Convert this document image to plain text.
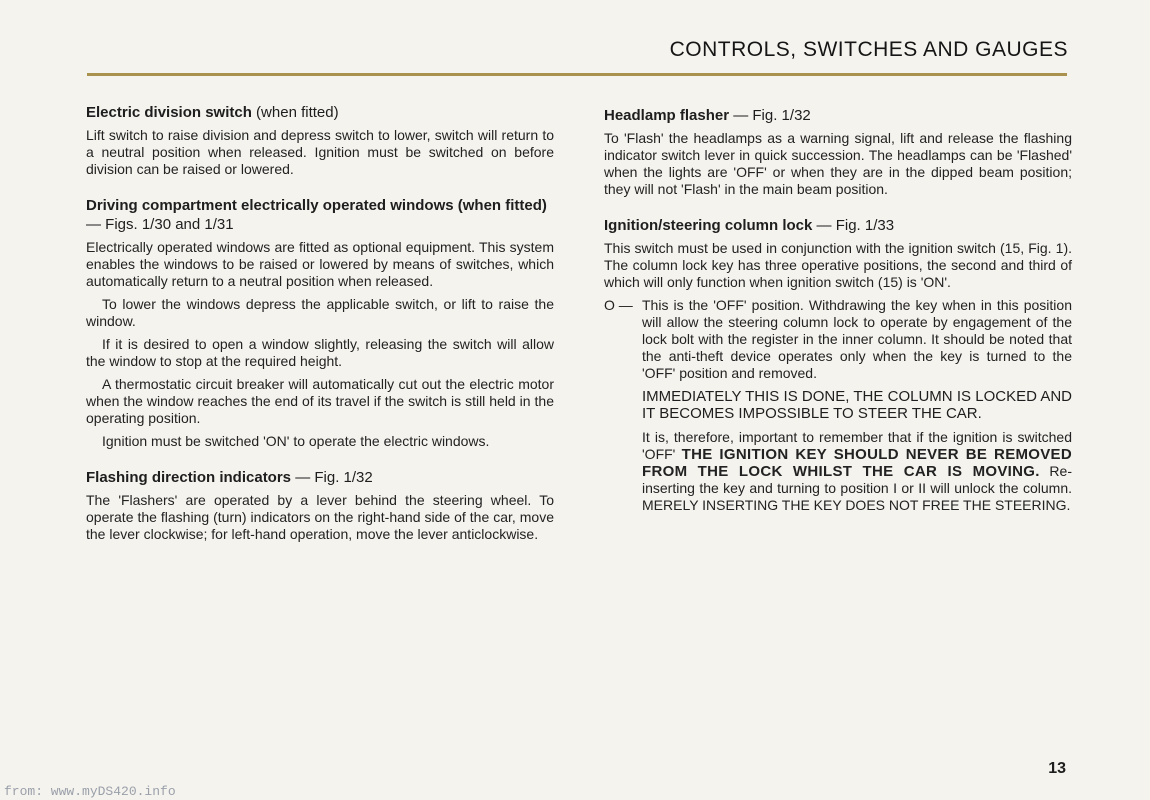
CONTROLS, SWITCHES AND GAUGES
Electric division switch (when fitted)

Lift switch to raise division and depress switch to lower, switch will return to a neutral position when released. Ignition must be switched on before division can be raised or lowered.

Driving compartment electrically operated windows (when fitted) — Figs. 1/30 and 1/31

Electrically operated windows are fitted as optional equipment. This system enables the windows to be raised or lowered by means of switches, which automatically return to a neutral position when released.

To lower the windows depress the applicable switch, or lift to raise the window.

If it is desired to open a window slightly, releasing the switch will allow the window to stop at the required height.

A thermostatic circuit breaker will automatically cut out the electric motor when the window reaches the end of its travel if the switch is still held in the operating position.

Ignition must be switched 'ON' to operate the electric windows.

Flashing direction indicators — Fig. 1/32

The 'Flashers' are operated by a lever behind the steering wheel. To operate the flashing (turn) indicators on the right-hand side of the car, move the lever clockwise; for left-hand operation, move the lever anticlockwise.

Headlamp flasher — Fig. 1/32

To 'Flash' the headlamps as a warning signal, lift and release the flashing indicator switch lever in quick succession. The headlamps can be 'Flashed' when the lights are 'OFF' or when they are in the dipped beam position; they will not 'Flash' in the main beam position.

Ignition/steering column lock — Fig. 1/33

This switch must be used in conjunction with the ignition switch (15, Fig. 1). The column lock key has three operative positions, the second and third of which will only function when ignition switch (15) is 'ON'.

O — This is the 'OFF' position. Withdrawing the key when in this position will allow the steering column lock to operate by engagement of the lock bolt with the register in the inner column. It should be noted that the anti-theft device operates only when the key is turned to the 'OFF' position and removed.

IMMEDIATELY THIS IS DONE, THE COLUMN IS LOCKED AND IT BECOMES IMPOSSIBLE TO STEER THE CAR.

It is, therefore, important to remember that if the ignition is switched 'OFF' THE IGNITION KEY SHOULD NEVER BE REMOVED FROM THE LOCK WHILST THE CAR IS MOVING. Re-inserting the key and turning to position I or II will unlock the column. MERELY INSERTING THE KEY DOES NOT FREE THE STEERING.

13
from: www.myDS420.info
